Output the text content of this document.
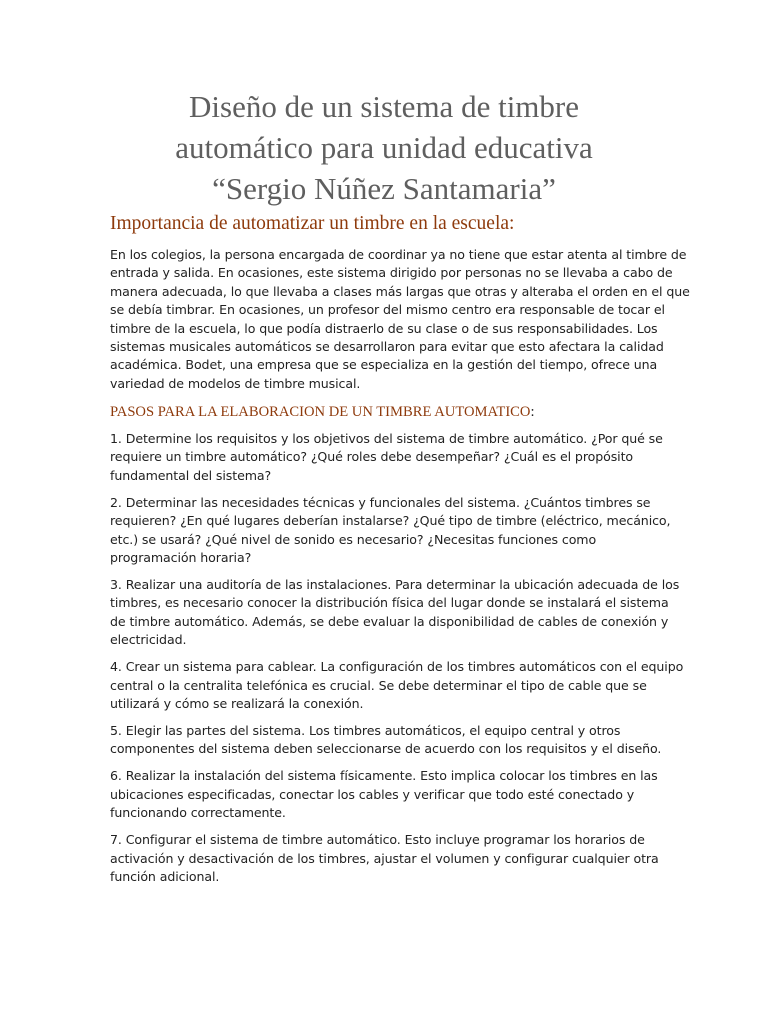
Diseño de un sistema de timbre
automático para unidad educativa
“Sergio Núñez Santamaria”
Importancia de automatizar un timbre en la escuela:

En los colegios, la persona encargada de coordinar ya no tiene que estar atenta al timbre de
entrada y salida. En ocasiones, este sistema dirigido por personas no se llevaba a cabo de
manera adecuada, lo que llevaba a clases más largas que otras y alteraba el orden en el que
se debía timbrar. En ocasiones, un profesor del mismo centro era responsable de tocar el
timbre de la escuela, lo que podía distraerlo de su clase o de sus responsabilidades. Los
sistemas musicales automáticos se desarrollaron para evitar que esto afectara la calidad
académica. Bodet, una empresa que se especializa en la gestión del tiempo, ofrece una
variedad de modelos de timbre musical.

PASOS PARA LA ELABORACION DE UN TIMBRE AUTOMATICO:
1. Determine los requisitos y los objetivos del sistema de timbre automático. ¿Por qué se
requiere un timbre automático? ¿Qué roles debe desempeñar? ¿Cuál es el propósito
fundamental del sistema?
2. Determinar las necesidades técnicas y funcionales del sistema. ¿Cuántos timbres se
requieren? ¿En qué lugares deberían instalarse? ¿Qué tipo de timbre (eléctrico, mecánico,
etc.) se usará? ¿Qué nivel de sonido es necesario? ¿Necesitas funciones como
programación horaria?
3. Realizar una auditoría de las instalaciones. Para determinar la ubicación adecuada de los
timbres, es necesario conocer la distribución física del lugar donde se instalará el sistema
de timbre automático. Además, se debe evaluar la disponibilidad de cables de conexión y
electricidad.
4. Crear un sistema para cablear. La configuración de los timbres automáticos con el equipo
central o la centralita telefónica es crucial. Se debe determinar el tipo de cable que se
utilizará y cómo se realizará la conexión.
5. Elegir las partes del sistema. Los timbres automáticos, el equipo central y otros
componentes del sistema deben seleccionarse de acuerdo con los requisitos y el diseño.
6. Realizar la instalación del sistema físicamente. Esto implica colocar los timbres en las
ubicaciones especificadas, conectar los cables y verificar que todo esté conectado y
funcionando correctamente.
7. Configurar el sistema de timbre automático. Esto incluye programar los horarios de
activación y desactivación de los timbres, ajustar el volumen y configurar cualquier otra
función adicional.
